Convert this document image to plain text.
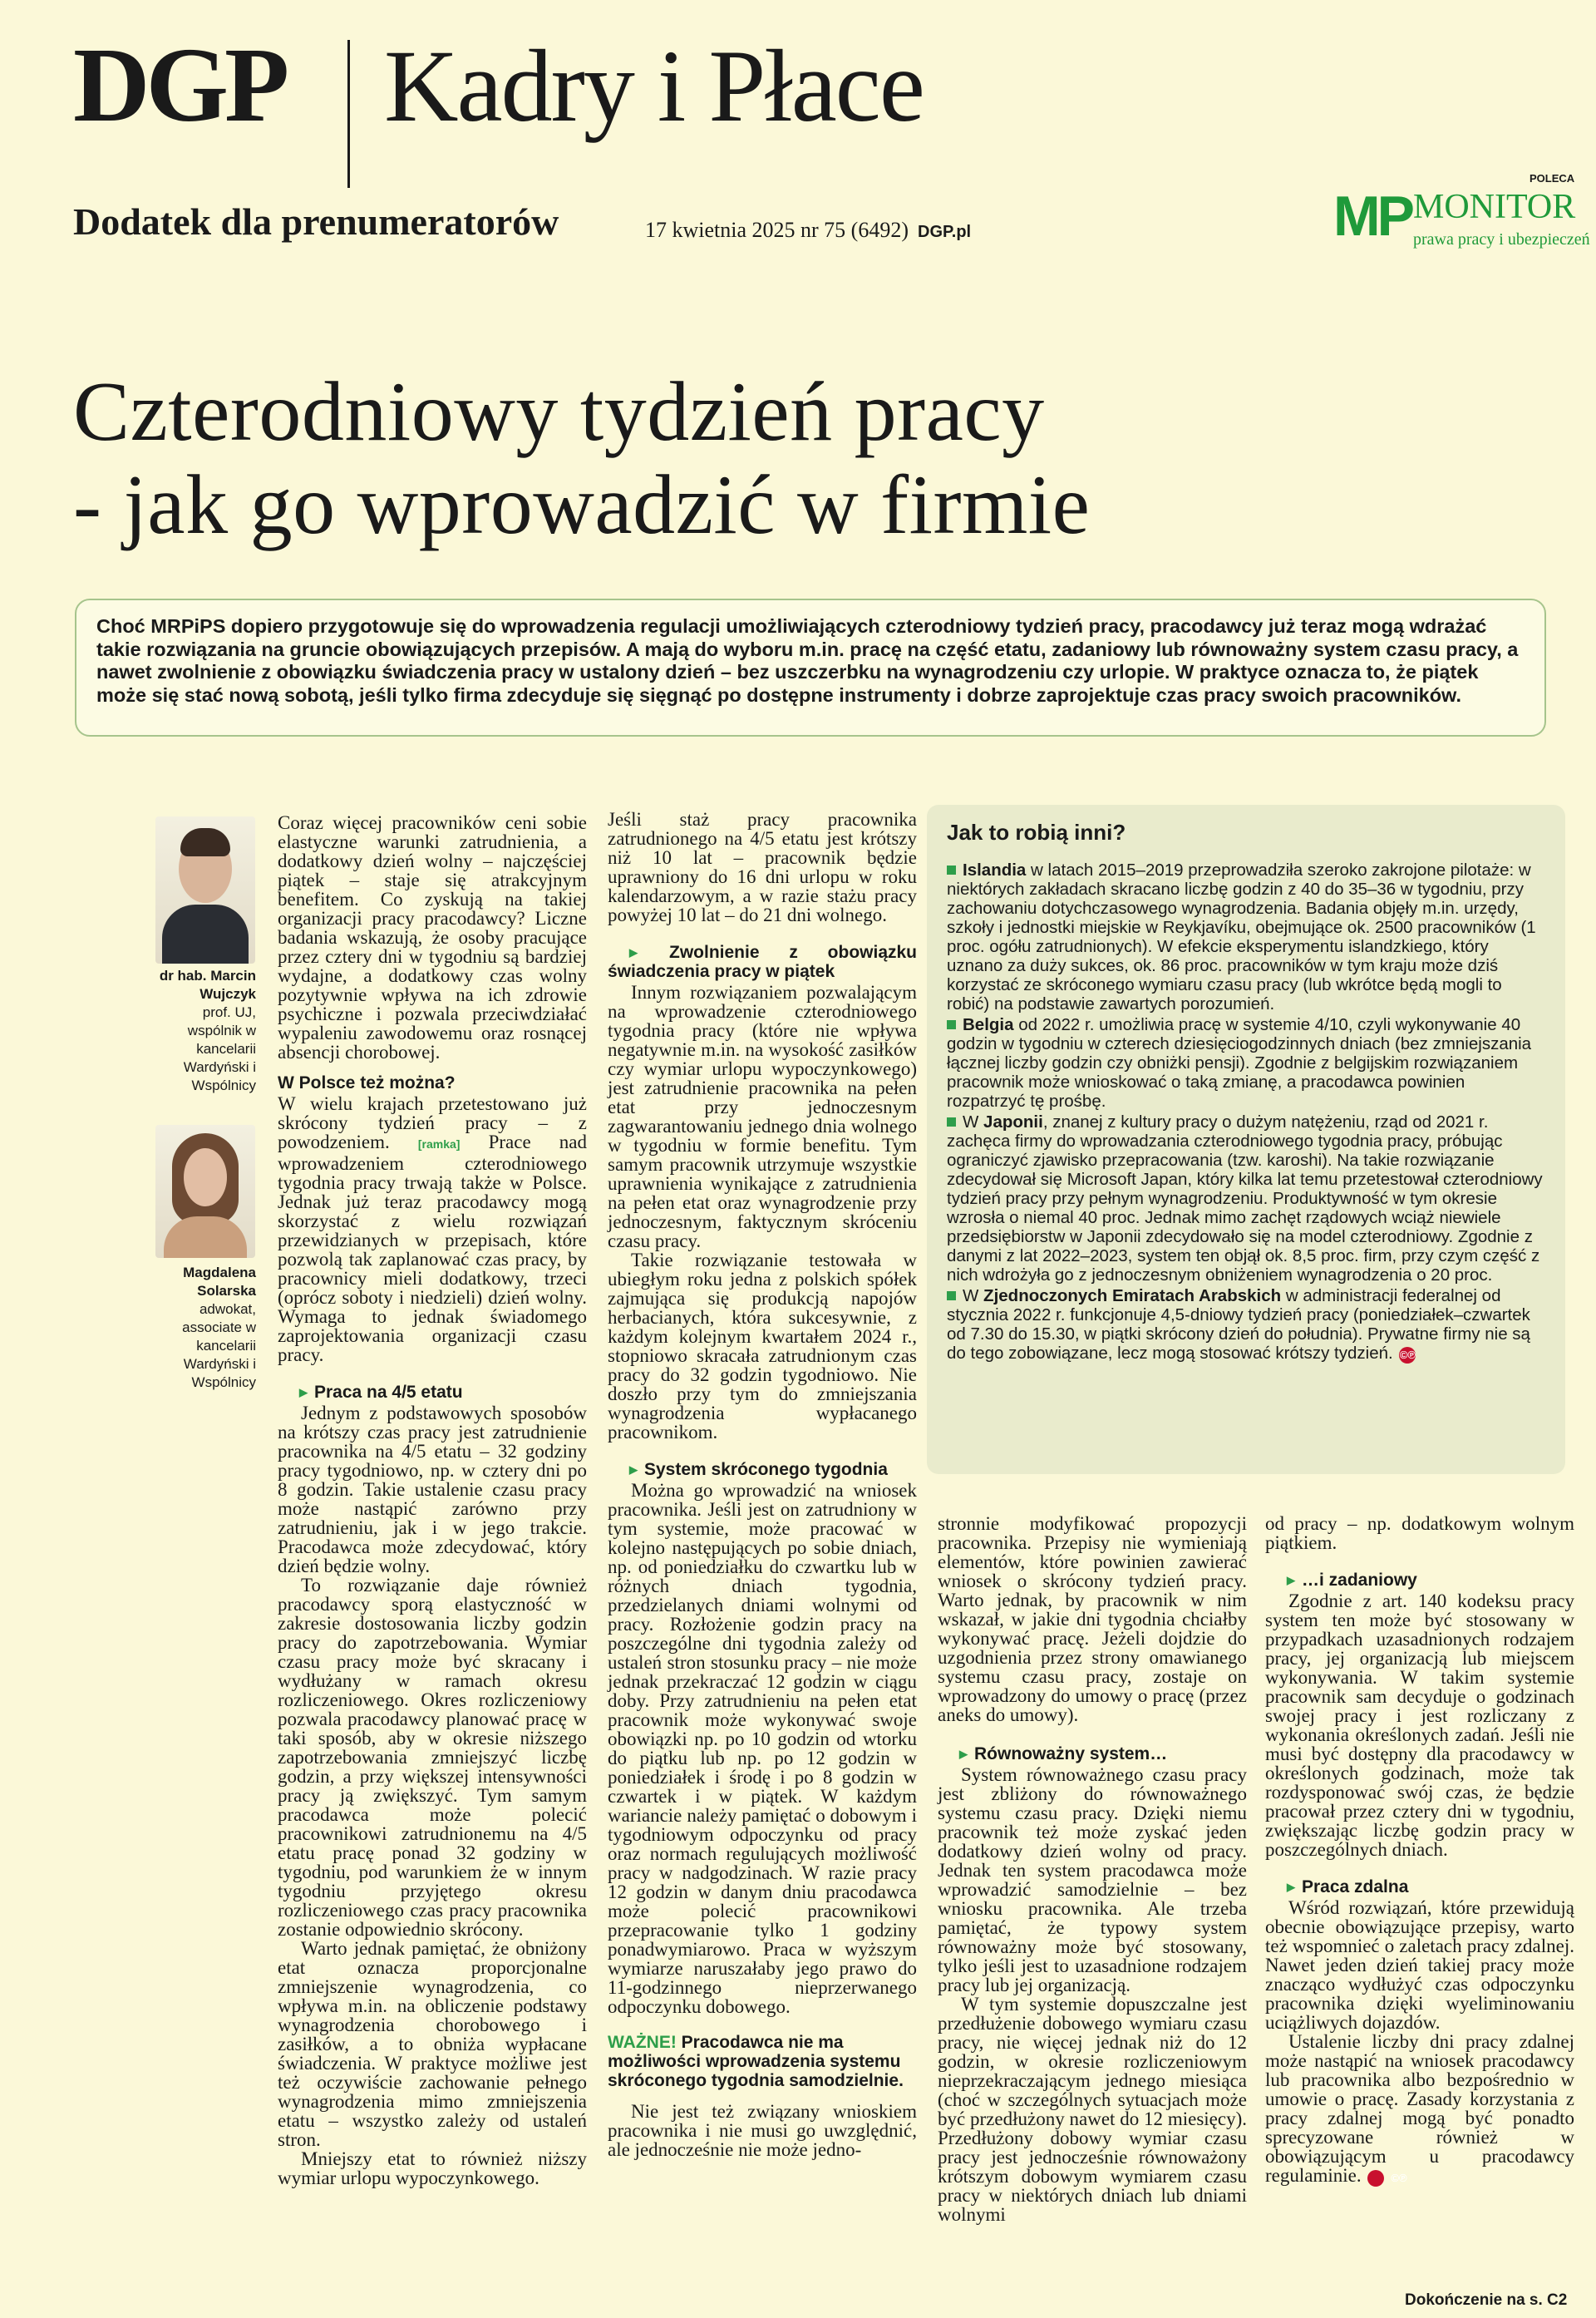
DGP Kadry i Płace
Dodatek dla prenumeratorów	17 kwietnia 2025 nr 75 (6492) DGP.pl
POLECA
MP MONITOR
prawa pracy i ubezpieczeń
Czterodniowy tydzień pracy
- jak go wprowadzić w firmie
Choć MRPiPS dopiero przygotowuje się do wprowadzenia regulacji umożliwiających czterodniowy tydzień pracy, pracodawcy już teraz mogą wdrażać takie rozwiązania na gruncie obowiązujących przepisów. A mają do wyboru m.in. pracę na część etatu, zadaniowy lub równoważny system czasu pracy, a nawet zwolnienie z obowiązku świadczenia pracy w ustalony dzień – bez uszczerbku na wynagrodzeniu czy urlopie. W praktyce oznacza to, że piątek może się stać nową sobotą, jeśli tylko firma zdecyduje się sięgnąć po dostępne instrumenty i dobrze zaprojektuje czas pracy swoich pracowników.
dr hab. Marcin Wujczyk
prof. UJ, wspólnik w kancelarii Wardyński i Wspólnicy
Magdalena Solarska
adwokat, associate w kancelarii Wardyński i Wspólnicy

Coraz więcej pracowników ceni sobie elastyczne warunki zatrudnienia, a dodatkowy dzień wolny – najczęściej piątek – staje się atrakcyjnym benefitem. Co zyskują na takiej organizacji pracy pracodawcy? Liczne badania wskazują, że osoby pracujące przez cztery dni w tygodniu są bardziej wydajne, a dodatkowy czas wolny pozytywnie wpływa na ich zdrowie psychiczne i pozwala przeciwdziałać wypaleniu zawodowemu oraz rosnącej absencji chorobowej.

W Polsce też można?

W wielu krajach przetestowano już skrócony tydzień pracy – z powodzeniem. [ramka] Prace nad wprowadzeniem czterodniowego tygodnia pracy trwają także w Polsce. Jednak już teraz pracodawcy mogą skorzystać z wielu rozwiązań przewidzianych w przepisach, które pozwolą tak zaplanować czas pracy, by pracownicy mieli dodatkowy, trzeci (oprócz soboty i niedzieli) dzień wolny. Wymaga to jednak świadomego zaprojektowania organizacji czasu pracy.

▶ Praca na 4/5 etatu

Jednym z podstawowych sposobów na krótszy czas pracy jest zatrudnienie pracownika na 4/5 etatu – 32 godziny pracy tygodniowo, np. w cztery dni po 8 godzin. Takie ustalenie czasu pracy może nastąpić zarówno przy zatrudnieniu, jak i w jego trakcie. Pracodawca może zdecydować, który dzień będzie wolny.

To rozwiązanie daje również pracodawcy sporą elastyczność w zakresie dostosowania liczby godzin pracy do zapotrzebowania. Wymiar czasu pracy może być skracany i wydłużany w ramach okresu rozliczeniowego. Okres rozliczeniowy pozwala pracodawcy planować pracę w taki sposób, aby w okresie niższego zapotrzebowania zmniejszyć liczbę godzin, a przy większej intensywności pracy ją zwiększyć. Tym samym pracodawca może polecić pracownikowi zatrudnionemu na 4/5 etatu pracę ponad 32 godziny w tygodniu, pod warunkiem że w innym tygodniu przyjętego okresu rozliczeniowego czas pracy pracownika zostanie odpowiednio skrócony.

Warto jednak pamiętać, że obniżony etat oznacza proporcjonalne zmniejszenie wynagrodzenia, co wpływa m.in. na obliczenie podstawy wynagrodzenia chorobowego i zasiłków, a to obniża wypłacane świadczenia. W praktyce możliwe jest też oczywiście zachowanie pełnego wynagrodzenia mimo zmniejszenia etatu – wszystko zależy od ustaleń stron.

Mniejszy etat to również niższy wymiar urlopu wypoczynkowego.

Jeśli staż pracy pracownika zatrudnionego na 4/5 etatu jest krótszy niż 10 lat – pracownik będzie uprawniony do 16 dni urlopu w roku kalendarzowym, a w razie stażu pracy powyżej 10 lat – do 21 dni wolnego.

▶ Zwolnienie z obowiązku świadczenia pracy w piątek

Innym rozwiązaniem pozwalającym na wprowadzenie czterodniowego tygodnia pracy (które nie wpływa negatywnie m.in. na wysokość zasiłków czy wymiar urlopu wypoczynkowego) jest zatrudnienie pracownika na pełen etat przy jednoczesnym zagwarantowaniu jednego dnia wolnego w tygodniu w formie benefitu. Tym samym pracownik utrzymuje wszystkie uprawnienia wynikające z zatrudnienia na pełen etat oraz wynagrodzenie przy jednoczesnym, faktycznym skróceniu czasu pracy.

Takie rozwiązanie testowała w ubiegłym roku jedna z polskich spółek zajmująca się produkcją napojów herbacianych, która sukcesywnie, z każdym kolejnym kwartałem 2024 r., stopniowo skracała zatrudnionym czas pracy do 32 godzin tygodniowo. Nie doszło przy tym do zmniejszania wynagrodzenia wypłacanego pracownikom.

▶ System skróconego tygodnia

Można go wprowadzić na wniosek pracownika. Jeśli jest on zatrudniony w tym systemie, może pracować w kolejno następujących po sobie dniach, np. od poniedziałku do czwartku lub w różnych dniach tygodnia, przedzielanych dniami wolnymi od pracy. Rozłożenie godzin pracy na poszczególne dni tygodnia zależy od ustaleń stron stosunku pracy – nie może jednak przekraczać 12 godzin w ciągu doby. Przy zatrudnieniu na pełen etat pracownik może wykonywać swoje obowiązki np. po 10 godzin od wtorku do piątku lub np. po 12 godzin w poniedziałek i środę i po 8 godzin w czwartek i w piątek. W każdym wariancie należy pamiętać o dobowym i tygodniowym odpoczynku od pracy oraz normach regulujących możliwość pracy w nadgodzinach. W razie pracy 12 godzin w danym dniu pracodawca może polecić pracownikowi przepracowanie tylko 1 godziny ponadwymiarowo. Praca w wyższym wymiarze naruszałaby jego prawo do 11-godzinnego nieprzerwanego odpoczynku dobowego.

WAŻNE! Pracodawca nie ma możliwości wprowadzenia systemu skróconego tygodnia samodzielnie.

Nie jest też związany wnioskiem pracownika i nie musi go uwzględnić, ale jednocześnie nie może jedno-

Jak to robią inni?
Islandia w latach 2015–2019 przeprowadziła szeroko zakrojone pilotaże: w niektórych zakładach skracano liczbę godzin z 40 do 35–36 w tygodniu, przy zachowaniu dotychczasowego wynagrodzenia. Badania objęły m.in. urzędy, szkoły i jednostki miejskie w Reykjavíku, obejmujące ok. 2500 pracowników (1 proc. ogółu zatrudnionych). W efekcie eksperymentu islandzkiego, który uznano za duży sukces, ok. 86 proc. pracowników w tym kraju może dziś korzystać ze skróconego wymiaru czasu pracy (lub wkrótce będą mogli to robić) na podstawie zawartych porozumień.
Belgia od 2022 r. umożliwia pracę w systemie 4/10, czyli wykonywanie 40 godzin w tygodniu w czterech dziesięciogodzinnych dniach (bez zmniejszania łącznej liczby godzin czy obniżki pensji). Zgodnie z belgijskim rozwiązaniem pracownik może wnioskować o taką zmianę, a pracodawca powinien rozpatrzyć tę prośbę.
W Japonii, znanej z kultury pracy o dużym natężeniu, rząd od 2021 r. zachęca firmy do wprowadzania czterodniowego tygodnia pracy, próbując ograniczyć zjawisko przepracowania (tzw. karoshi). Na takie rozwiązanie zdecydował się Microsoft Japan, który kilka lat temu przetestował czterodniowy tydzień pracy przy pełnym wynagrodzeniu. Produktywność w tym okresie wzrosła o niemal 40 proc. Jednak mimo zachęt rządowych wciąż niewiele przedsiębiorstw w Japonii zdecydowało się na model czterodniowy. Zgodnie z danymi z lat 2022–2023, system ten objął ok. 8,5 proc. firm, przy czym część z nich wdrożyła go z jednoczesnym obniżeniem wynagrodzenia o 20 proc.
W Zjednoczonych Emiratach Arabskich w administracji federalnej od stycznia 2022 r. funkcjonuje 4,5-dniowy tydzień pracy (poniedziałek–czwartek od 7.30 do 15.30, w piątki skrócony dzień do południa). Prywatne firmy nie są do tego zobowiązane, lecz mogą stosować krótszy tydzień. ©℗

stronnie modyfikować propozycji pracownika. Przepisy nie wymieniają elementów, które powinien zawierać wniosek o skrócony tydzień pracy. Warto jednak, by pracownik w nim wskazał, w jakie dni tygodnia chciałby wykonywać pracę. Jeżeli dojdzie do uzgodnienia przez strony omawianego systemu czasu pracy, zostaje on wprowadzony do umowy o pracę (przez aneks do umowy).

▶ Równoważny system…

System równoważnego czasu pracy jest zbliżony do równoważnego systemu czasu pracy. Dzięki niemu pracownik też może zyskać jeden dodatkowy dzień wolny od pracy. Jednak ten system pracodawca może wprowadzić samodzielnie – bez wniosku pracownika. Ale trzeba pamiętać, że typowy system równoważny może być stosowany, tylko jeśli jest to uzasadnione rodzajem pracy lub jej organizacją.

W tym systemie dopuszczalne jest przedłużenie dobowego wymiaru czasu pracy, nie więcej jednak niż do 12 godzin, w okresie rozliczeniowym nieprzekraczającym jednego miesiąca (choć w szczególnych sytuacjach może być przedłużony nawet do 12 miesięcy). Przedłużony dobowy wymiar czasu pracy jest jednocześnie równoważony krótszym dobowym wymiarem czasu pracy w niektórych dniach lub dniami wolnymi

od pracy – np. dodatkowym wolnym piątkiem.

▶ …i zadaniowy

Zgodnie z art. 140 kodeksu pracy system ten może być stosowany w przypadkach uzasadnionych rodzajem pracy, jej organizacją lub miejscem wykonywania. W takim systemie pracownik sam decyduje o godzinach swojej pracy i jest rozliczany z wykonania określonych zadań. Jeśli nie musi być dostępny dla pracodawcy w określonych godzinach, może tak rozdysponować swój czas, że będzie pracował przez cztery dni w tygodniu, zwiększając liczbę godzin pracy w poszczególnych dniach.

▶ Praca zdalna

Wśród rozwiązań, które przewidują obecnie obowiązujące przepisy, warto też wspomnieć o zaletach pracy zdalnej. Nawet jeden dzień takiej pracy może znacząco wydłużyć czas odpoczynku pracownika dzięki wyeliminowaniu uciążliwych dojazdów.

Ustalenie liczby dni pracy zdalnej może nastąpić na wniosek pracodawcy lub pracownika albo bezpośrednio w umowie o pracę. Zasady korzystania z pracy zdalnej mogą być ponadto sprecyzowane również w obowiązującym u pracodawcy regulaminie.	©℗

Dokończenie na s. C2
